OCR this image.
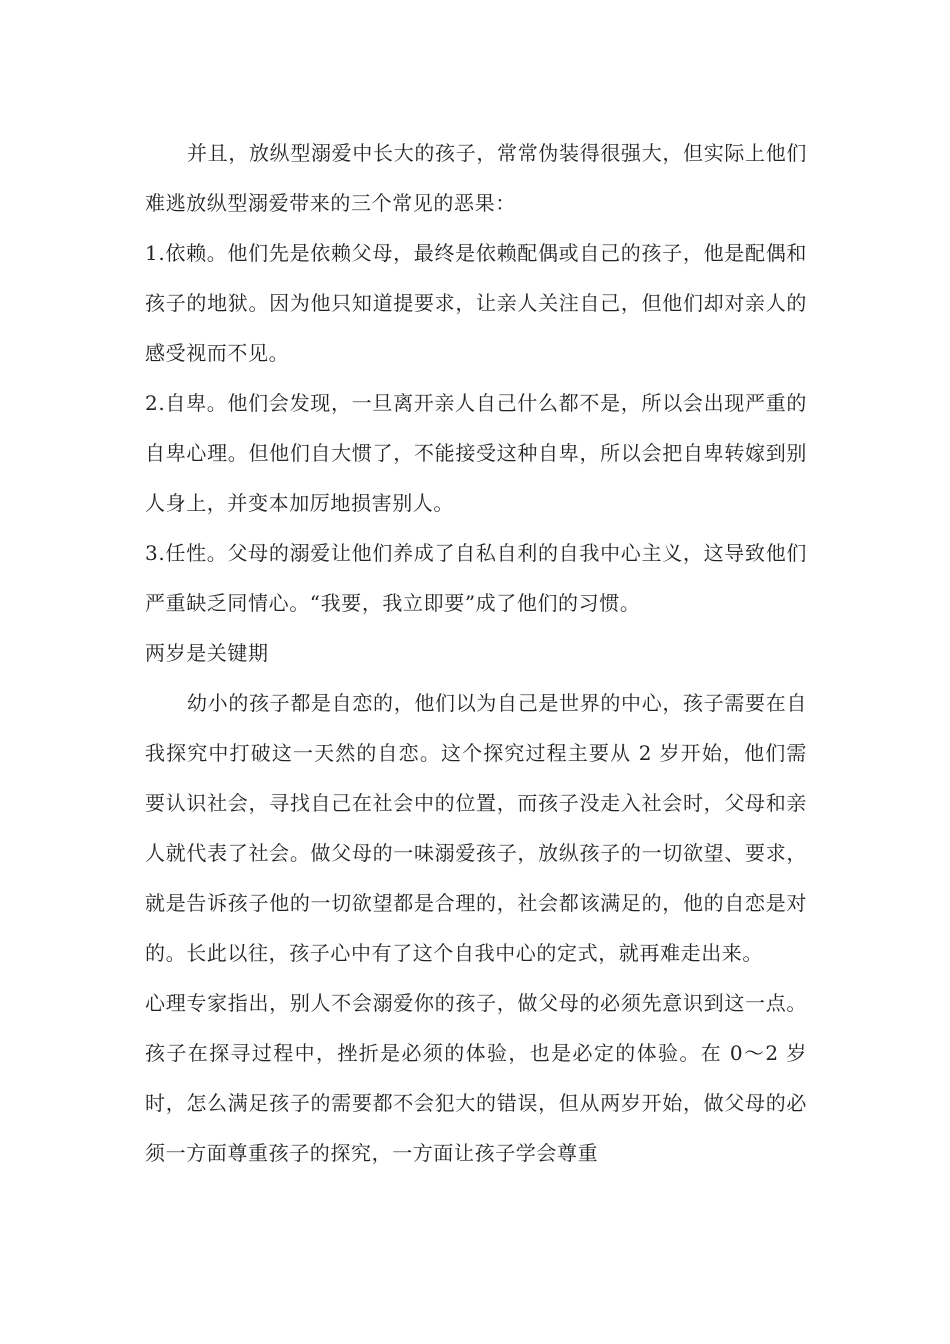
并且，放纵型溺爱中长大的孩子，常常伪装得很强大，但实际上他们难逃放纵型溺爱带来的三个常见的恶果：

1.依赖。他们先是依赖父母，最终是依赖配偶或自己的孩子，他是配偶和孩子的地狱。因为他只知道提要求，让亲人关注自己，但他们却对亲人的感受视而不见。

2.自卑。他们会发现，一旦离开亲人自己什么都不是，所以会出现严重的自卑心理。但他们自大惯了，不能接受这种自卑，所以会把自卑转嫁到别人身上，并变本加厉地损害别人。

3.任性。父母的溺爱让他们养成了自私自利的自我中心主义，这导致他们严重缺乏同情心。“我要，我立即要”成了他们的习惯。

两岁是关键期

幼小的孩子都是自恋的，他们以为自己是世界的中心，孩子需要在自我探究中打破这一天然的自恋。这个探究过程主要从 2 岁开始，他们需要认识社会，寻找自己在社会中的位置，而孩子没走入社会时，父母和亲人就代表了社会。做父母的一味溺爱孩子，放纵孩子的一切欲望、要求，就是告诉孩子他的一切欲望都是合理的，社会都该满足的，他的自恋是对的。长此以往，孩子心中有了这个自我中心的定式，就再难走出来。

心理专家指出，别人不会溺爱你的孩子，做父母的必须先意识到这一点。孩子在探寻过程中，挫折是必须的体验，也是必定的体验。在 0～2 岁时，怎么满足孩子的需要都不会犯大的错误，但从两岁开始，做父母的必须一方面尊重孩子的探究，一方面让孩子学会尊重
